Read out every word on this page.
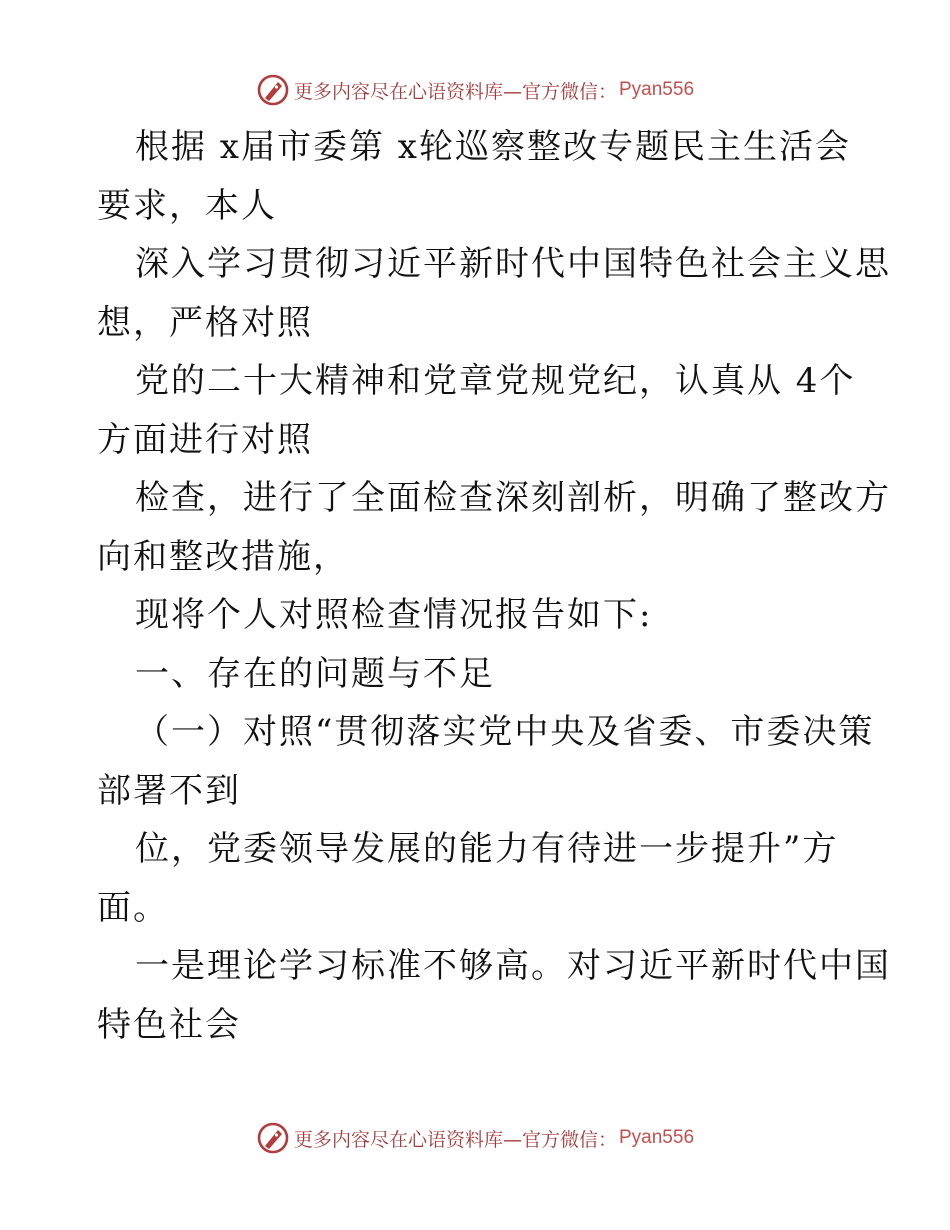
更多内容尽在心语资料库—官方微信： Pyan556
根据 x届市委第 x轮巡察整改专题民主生活会
要求，本人
深入学习贯彻习近平新时代中国特色社会主义思
想，严格对照
党的二十大精神和党章党规党纪，认真从 4个
方面进行对照
检查，进行了全面检查深刻剖析，明确了整改方
向和整改措施，
现将个人对照检查情况报告如下:
一、存在的问题与不足
（一）对照“贯彻落实党中央及省委、市委决策
部署不到
位，党委领导发展的能力有待进一步提升”方
面。
一是理论学习标准不够高。对习近平新时代中国
特色社会
更多内容尽在心语资料库—官方微信： Pyan556
